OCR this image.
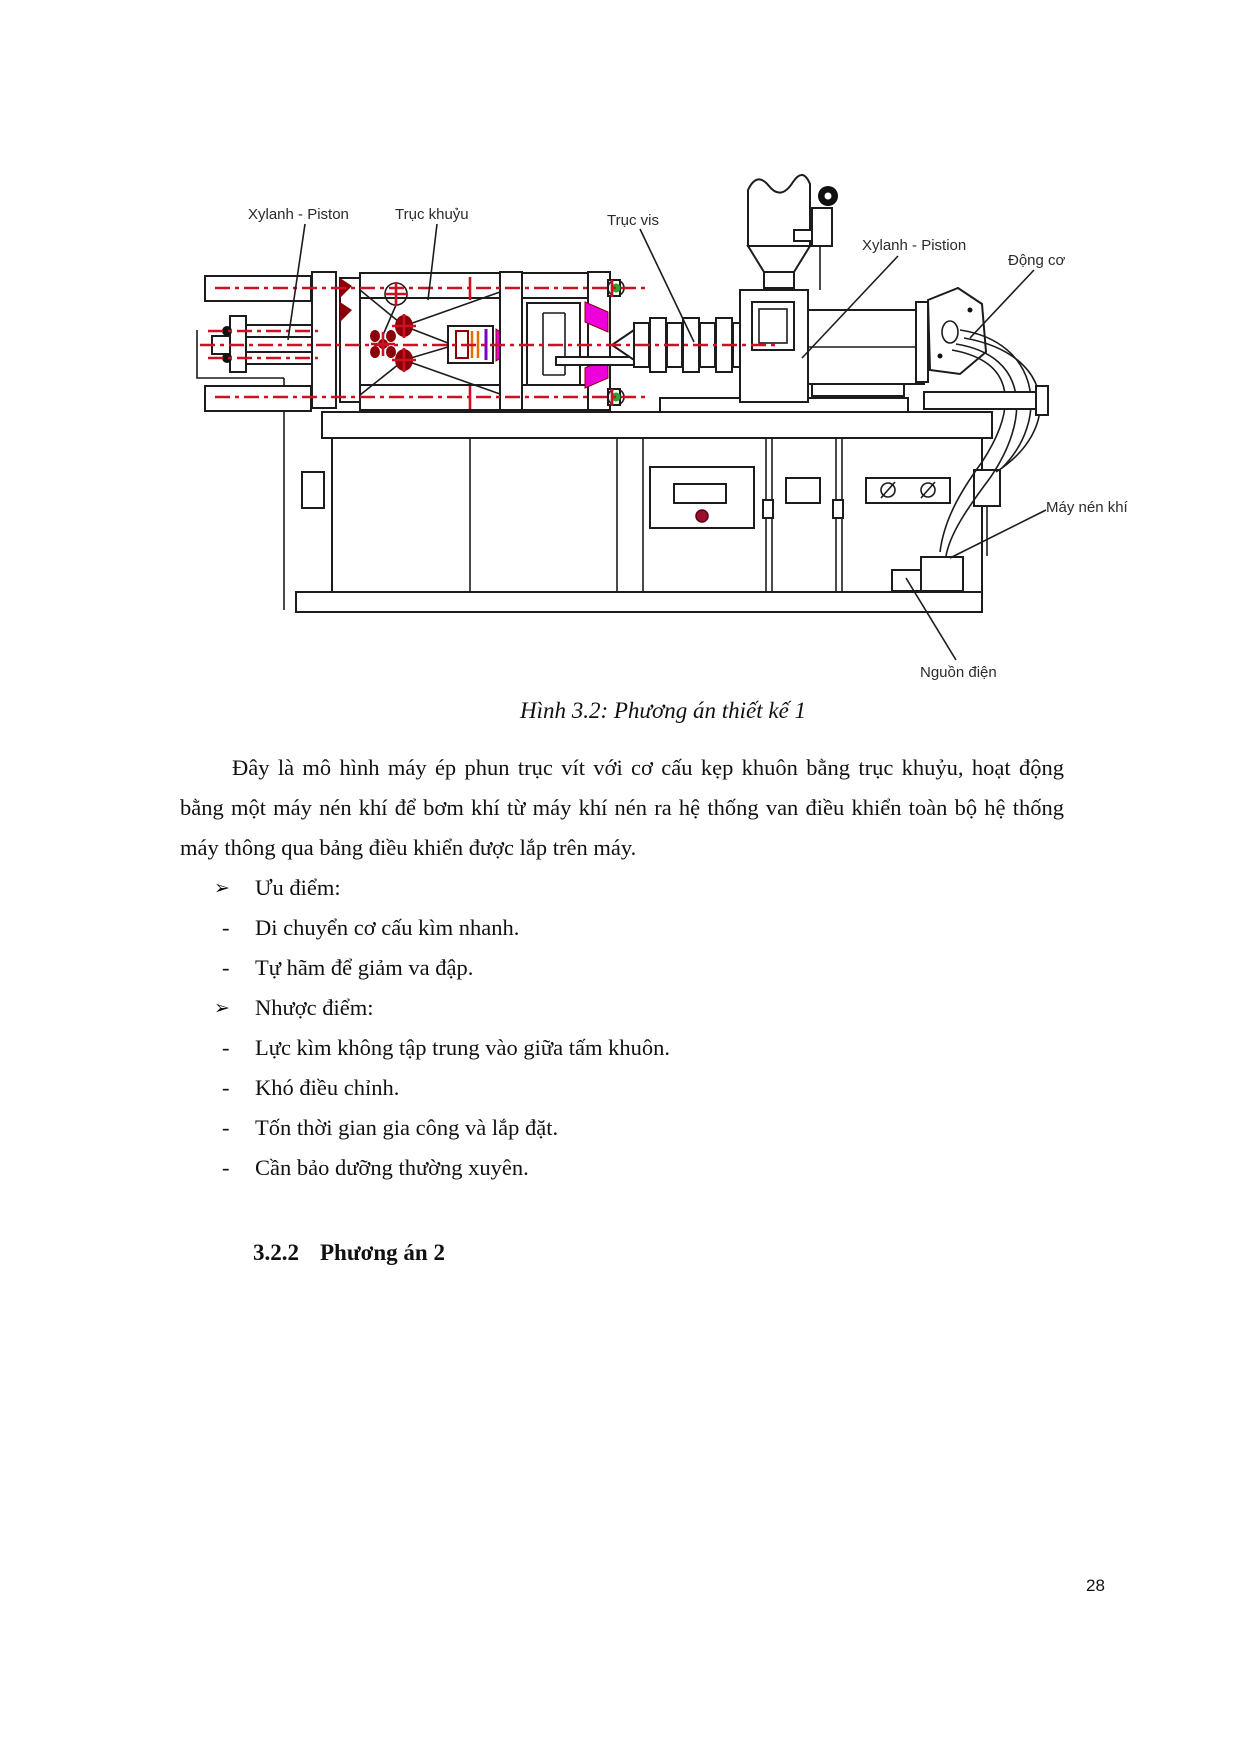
Xylanh - Piston	Trục khuỷu	Trục vis
Xylanh - Pistion
Động cơ
Máy nén khí
Nguồn điện
Hình 3.2: Phương án thiết kế 1
Đây là mô hình máy ép phun trục vít với cơ cấu kẹp khuôn bằng trục khuỷu, hoạt động bằng một máy nén khí để bơm khí từ máy khí nén ra hệ thống van điều khiển toàn bộ hệ thống máy thông qua bảng điều khiển được lắp trên máy.
➢	Ưu điểm:
-	Di chuyển cơ cấu kìm nhanh.
-	Tự hãm để giảm va đập.
➢	Nhược điểm:
-	Lực kìm không tập trung vào giữa tấm khuôn.
-	Khó điều chỉnh.
-	Tốn thời gian gia công và lắp đặt.
-	Cần bảo dưỡng thường xuyên.
3.2.2 Phương án 2
28
